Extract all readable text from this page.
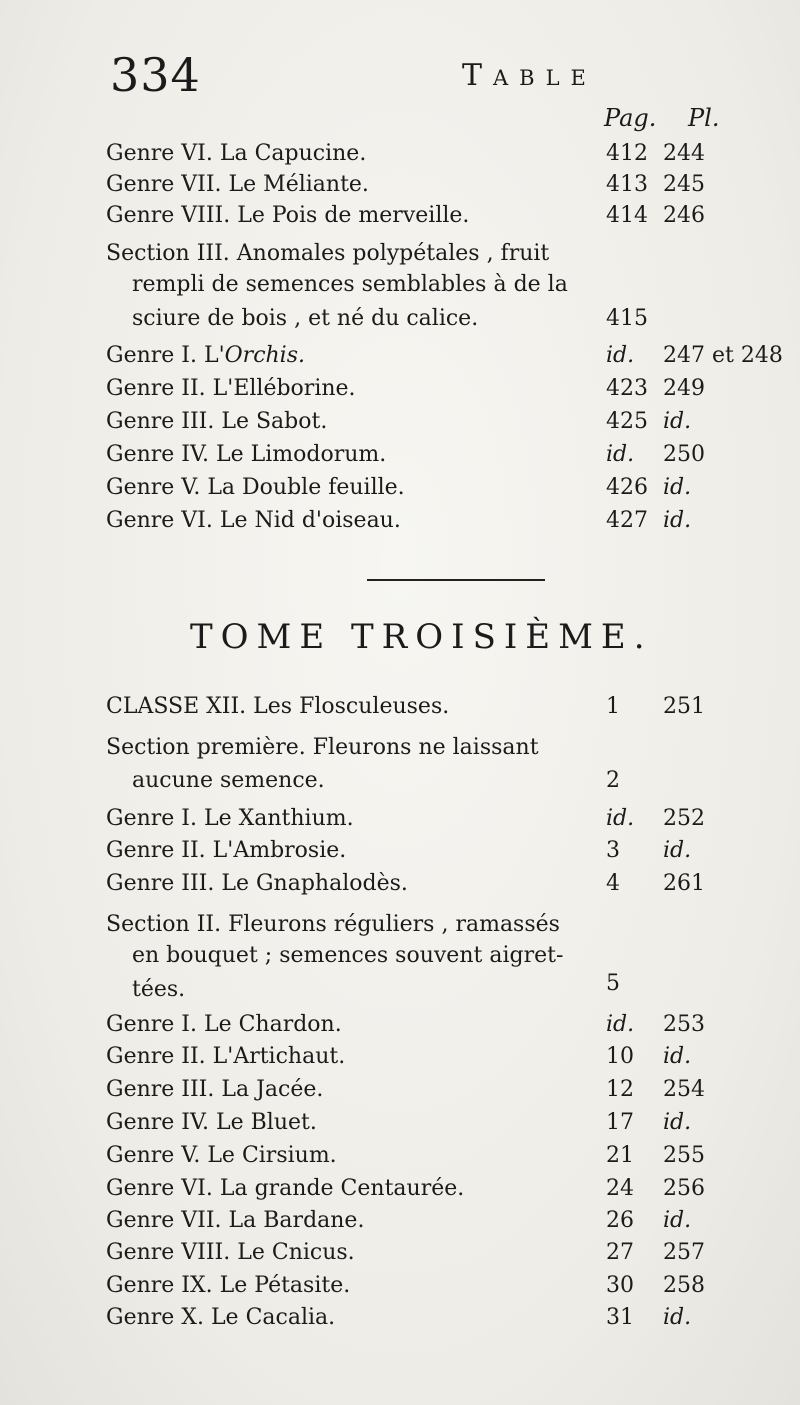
334	Table
Pag. Pl.
Genre VI. La Capucine.	412 244
Genre VII. Le Méliante.	413 245
Genre VIII. Le Pois de merveille.	414 246
Section III. Anomales polypétales , fruit
rempli de semences semblables à de la
sciure de bois , et né du calice.	415
Genre I. L'Orchis.	id. 247 et 248
Genre II. L'Elléborine.	423 249
Genre III. Le Sabot.	425 id.
Genre IV. Le Limodorum.	id. 250
Genre V. La Double feuille.	426 id.
Genre VI. Le Nid d'oiseau.	427 id.
TOME TROISIÈME.
CLASSE XII. Les Flosculeuses.	1 251
Section première. Fleurons ne laissant
aucune semence.	2
Genre I. Le Xanthium.	id. 252
Genre II. L'Ambrosie.	3 id.
Genre III. Le Gnaphalodès.	4 261
Section II. Fleurons réguliers , ramassés
en bouquet ; semences souvent aigret-
tées.	5
Genre I. Le Chardon.	id. 253
Genre II. L'Artichaut.	10 id.
Genre III. La Jacée.	12 254
Genre IV. Le Bluet.	17 id.
Genre V. Le Cirsium.	21 255
Genre VI. La grande Centaurée.	24 256
Genre VII. La Bardane.	26 id.
Genre VIII. Le Cnicus.	27 257
Genre IX. Le Pétasite.	30 258
Genre X. Le Cacalia.	31 id.
